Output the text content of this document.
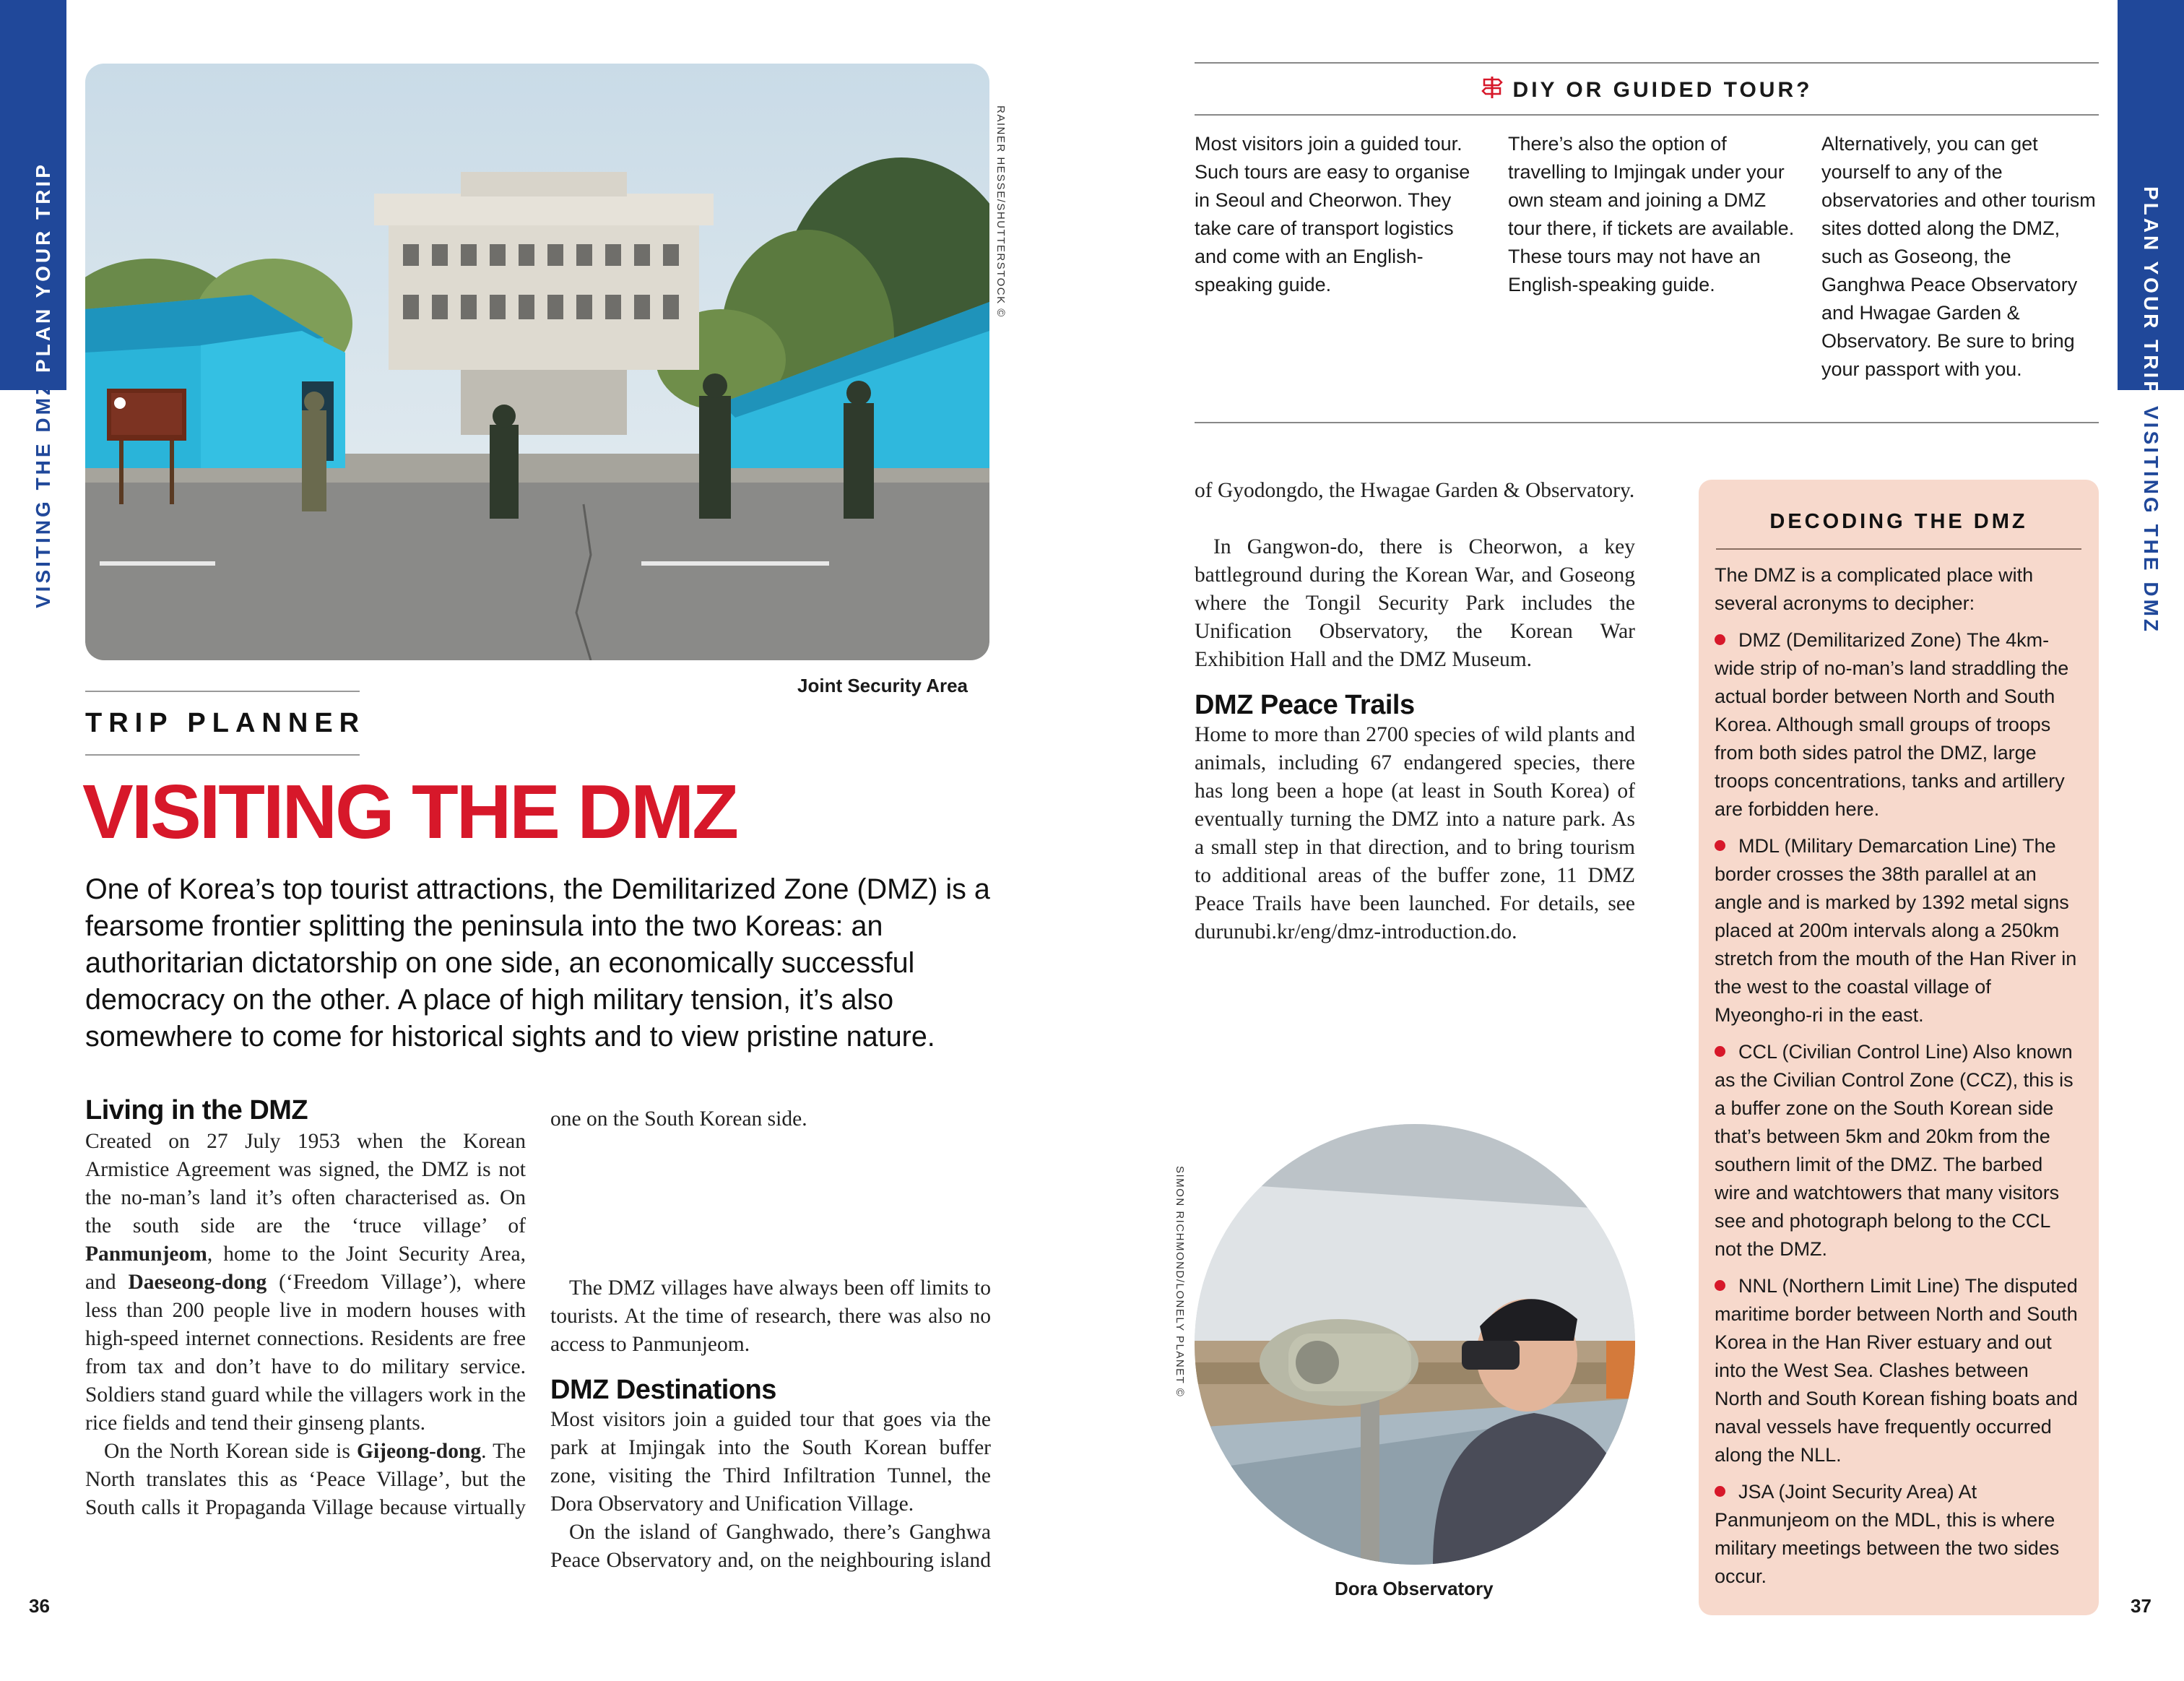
PLAN YOUR TRIP
VISITING THE DMZ
PLAN YOUR TRIP
VISITING THE DMZ
36	37
RAINER HESSE/SHUTTERSTOCK ©
Joint Security Area
TRIP PLANNER
VISITING THE DMZ
One of Korea’s top tourist attractions, the Demilitarized Zone (DMZ) is a fearsome frontier splitting the peninsula into the two Koreas: an authoritarian dictatorship on one side, an economically successful democracy on the other. A place of high military tension, it’s also somewhere to come for historical sights and to view pristine nature.
Living in the DMZ

Created on 27 July 1953 when the Korean Armistice Agreement was signed, the DMZ is not the no-man’s land it’s often characterised as. On the south side are the ‘truce village’ of Panmunjeom, home to the Joint Security Area, and Daeseong-dong (‘Freedom Village’), where less than 200 people live in modern houses with high-speed internet connections. Residents are free from tax and don’t have to do military service. Soldiers stand guard while the villagers work in the rice fields and tend their ginseng plants.

On the North Korean side is Gijeong-dong. The North translates this as ‘Peace Village’, but the South calls it Propaganda Village because virtually

one on the South Korean side.

The DMZ villages have always been off limits to tourists. At the time of research, there was also no access to Panmunjeom.

DMZ Destinations

Most visitors join a guided tour that goes via the park at Imjingak into the South Korean buffer zone, visiting the Third Infiltration Tunnel, the Dora Observatory and Unification Village.

On the island of Ganghwado, there’s Ganghwa Peace Observatory and, on the neighbouring island

DIY OR GUIDED TOUR?
Most visitors join a guided tour. Such tours are easy to organise in Seoul and Cheorwon. They take care of transport logistics and come with an English-speaking guide.
There’s also the option of travelling to Imjingak under your own steam and joining a DMZ tour there, if tickets are available. These tours may not have an English-speaking guide.
Alternatively, you can get yourself to any of the observatories and other tourism sites dotted along the DMZ, such as Goseong, the Ganghwa Peace Observatory and Hwagae Garden & Observatory. Be sure to bring your passport with you.

of Gyodongdo, the Hwagae Garden & Observatory.

In Gangwon-do, there is Cheorwon, a key battleground during the Korean War, and Goseong where the Tongil Security Park includes the Unification Observatory, the Korean War Exhibition Hall and the DMZ Museum.

DMZ Peace Trails

Home to more than 2700 species of wild plants and animals, including 67 endangered species, there has long been a hope (at least in South Korea) of eventually turning the DMZ into a nature park. As a small step in that direction, and to bring tourism to additional areas of the buffer zone, 11 DMZ Peace Trails have been launched. For details, see durunubi.kr/eng/dmz-introduction.do.

SIMON RICHMOND/LONELY PLANET ©
Dora Observatory
DECODING THE DMZ
The DMZ is a complicated place with several acronyms to decipher:
DMZ (Demilitarized Zone) The 4km-wide strip of no-man’s land straddling the actual border between North and South Korea. Although small groups of troops from both sides patrol the DMZ, large troops concentrations, tanks and artillery are forbidden here.
MDL (Military Demarcation Line) The border crosses the 38th parallel at an angle and is marked by 1392 metal signs placed at 200m intervals along a 250km stretch from the mouth of the Han River in the west to the coastal village of Myeongho-ri in the east.
CCL (Civilian Control Line) Also known as the Civilian Control Zone (CCZ), this is a buffer zone on the South Korean side that’s between 5km and 20km from the southern limit of the DMZ. The barbed wire and watchtowers that many visitors see and photograph belong to the CCL not the DMZ.
NNL (Northern Limit Line) The disputed maritime border between North and South Korea in the Han River estuary and out into the West Sea. Clashes between North and South Korean fishing boats and naval vessels have frequently occurred along the NLL.
JSA (Joint Security Area) At Panmunjeom on the MDL, this is where military meetings between the two sides occur.
